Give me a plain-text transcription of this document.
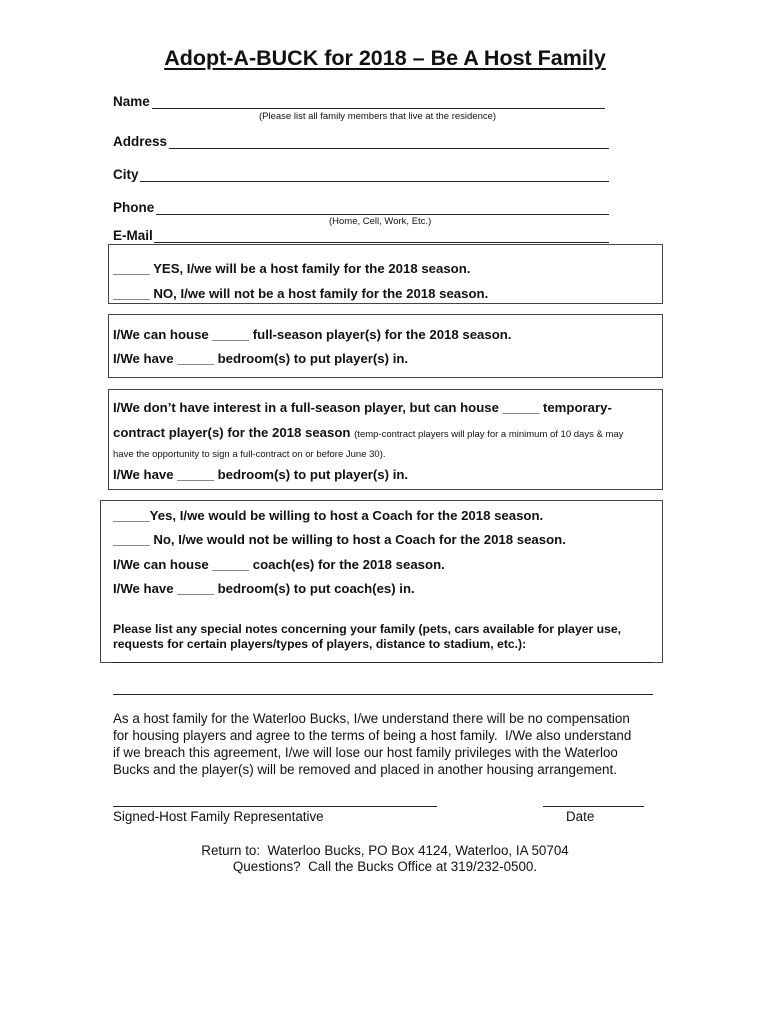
Adopt-A-BUCK for 2018 – Be A Host Family
Name
(Please list all family members that live at the residence)
Address
City
Phone
(Home, Cell, Work, Etc.)
E-Mail
_____ YES, I/we will be a host family for the 2018 season.
_____ NO, I/we will not be a host family for the 2018 season.
I/We can house _____ full-season player(s) for the 2018 season.
I/We have _____ bedroom(s) to put player(s) in.
I/We don’t have interest in a full-season player, but can house _____ temporary-
contract player(s) for the 2018 season (temp-contract players will play for a minimum of 10 days & may
have the opportunity to sign a full-contract on or before June 30).
I/We have _____ bedroom(s) to put player(s) in.
_____Yes, I/we would be willing to host a Coach for the 2018 season.
_____ No, I/we would not be willing to host a Coach for the 2018 season.
I/We can house _____ coach(es) for the 2018 season.
I/We have _____ bedroom(s) to put coach(es) in.
Please list any special notes concerning your family (pets, cars available for player use,
requests for certain players/types of players, distance to stadium, etc.):
As a host family for the Waterloo Bucks, I/we understand there will be no compensation
for housing players and agree to the terms of being a host family.  I/We also understand
if we breach this agreement, I/we will lose our host family privileges with the Waterloo
Bucks and the player(s) will be removed and placed in another housing arrangement.
Signed-Host Family Representative	Date
Return to:  Waterloo Bucks, PO Box 4124, Waterloo, IA 50704
Questions?  Call the Bucks Office at 319/232-0500.
